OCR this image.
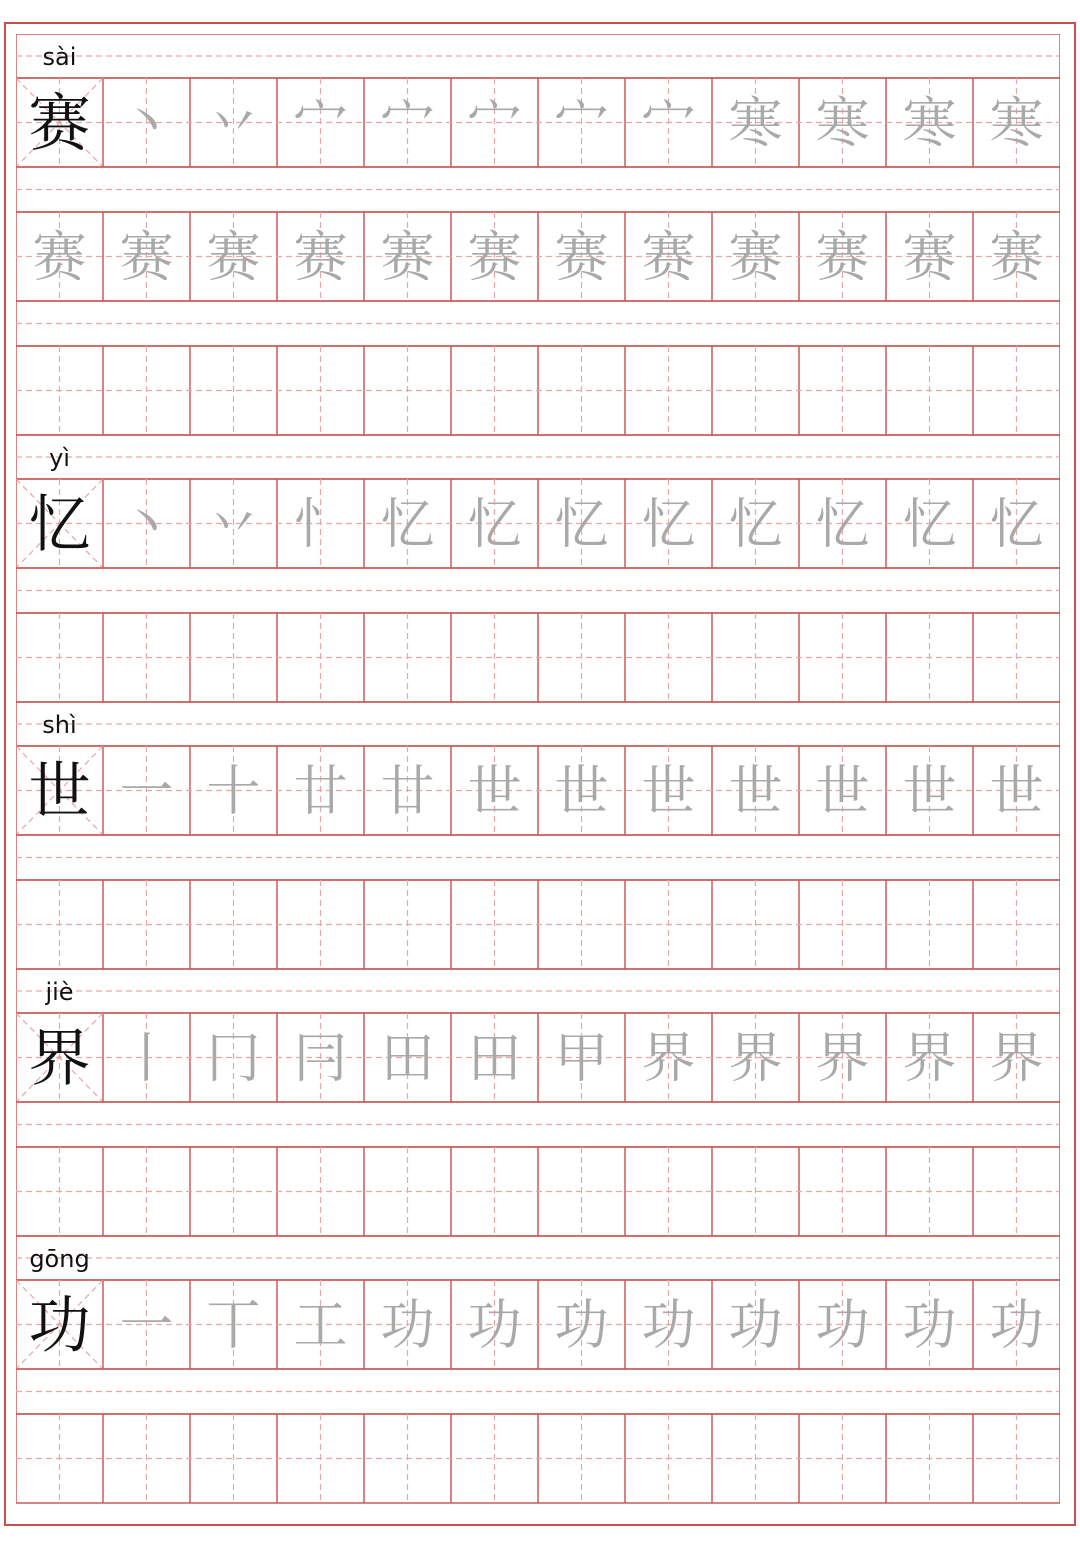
sài
赛 丶 丷 宀 宀 宀 宀 宀 寒 寒 寒 寒
赛 赛 赛 赛 赛 赛 赛 赛 赛 赛 赛 赛
yì
忆 丶 丷 忄 忆 忆 忆 忆 忆 忆 忆 忆
shì
世 一 十 廿 廿 世 世 世 世 世 世 世
jiè
界 丨 冂 冃 田 田 甲 界 界 界 界 界
gōng
功 一 丅 工 功 功 功 功 功 功 功 功
